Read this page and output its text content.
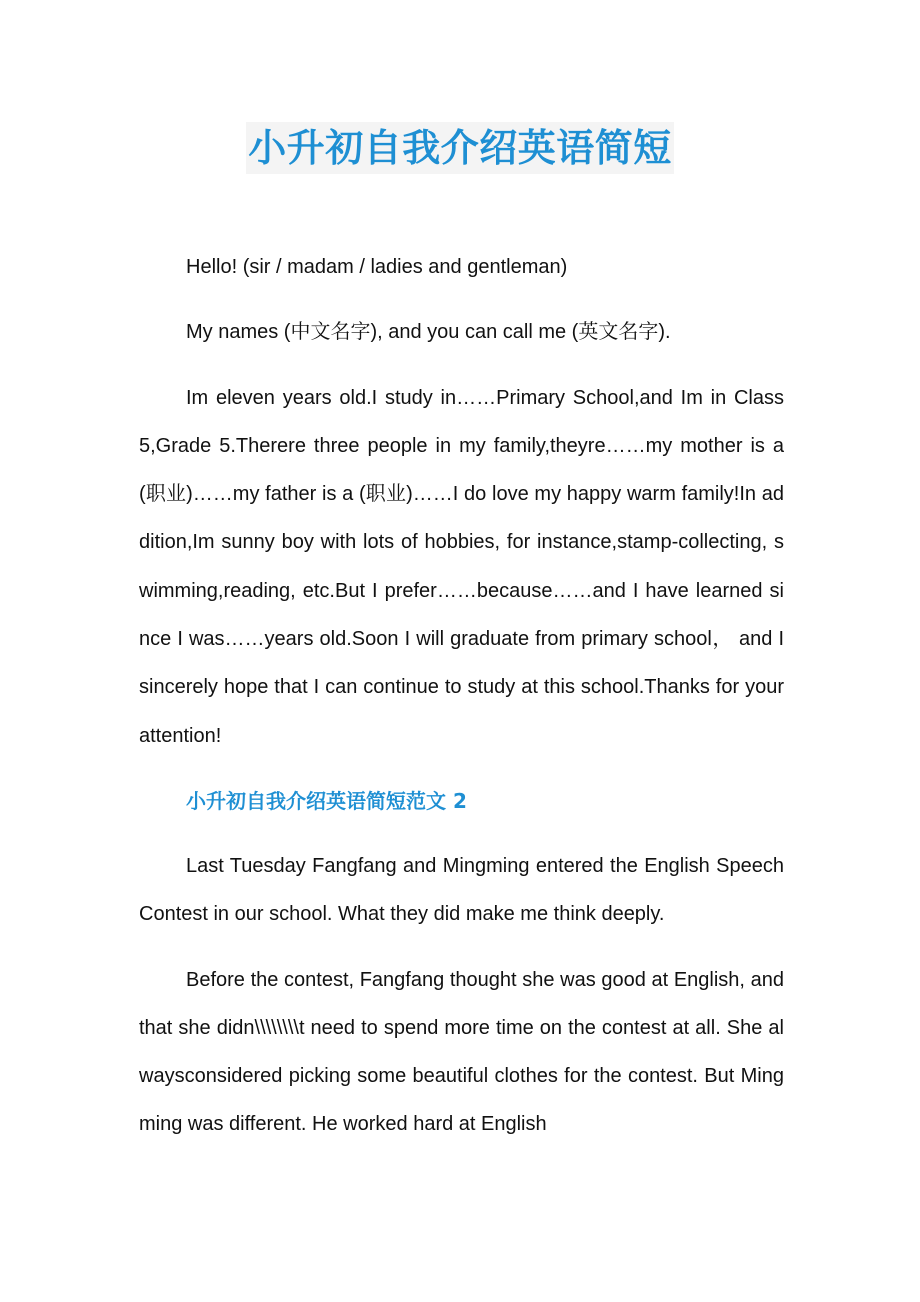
小升初自我介绍英语简短

Hello! (sir / madam / ladies and gentleman)

My names (中文名字), and you can call me (英文名字).

Im eleven years old.I study in……Primary School,and Im in Class 5,Grade 5.Therere three people in my family,theyre……my mother is a (职业)……my father is a (职业)……I do love my happy warm family!In addition,Im sunny boy with lots of hobbies, for instance,stamp-collecting, swimming,reading, etc.But I prefer……because……and I have learned since I was……years old.Soon I will graduate from primary school， and I sincerely hope that I can continue to study at this school.Thanks for your attention!

小升初自我介绍英语简短范文 2

Last Tuesday Fangfang and Mingming entered the English Speech Contest in our school. What they did make me think deeply.

Before the contest, Fangfang thought she was good at English, and that she didn\\\\\\\\t need to spend more time on the contest at all. She alwaysconsidered picking some beautiful clothes for the contest. But Mingming was different. He worked hard at English
